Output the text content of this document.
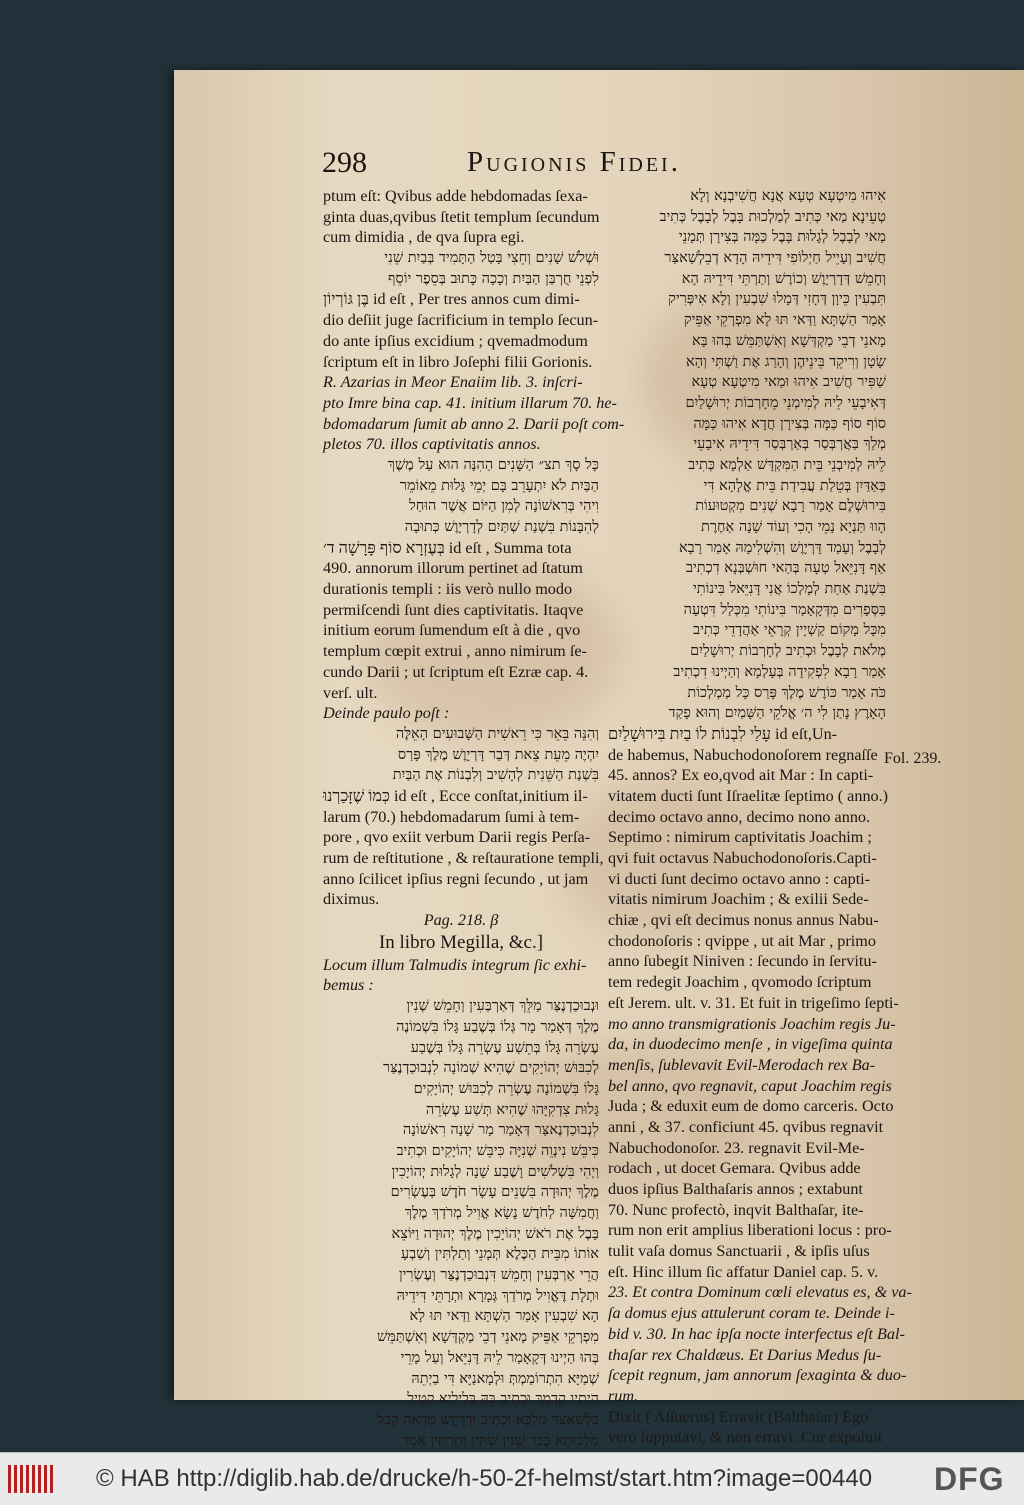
298	Pugionis Fidei.
ptum eſt: Qvibus adde hebdomadas ſexa-
ginta duas,qvibus ſtetit templum ſecundum
cum dimidia , de qva ſupra egi.
וּשְׁלֹשׁ שָׁנִים וְחֵצִי בָּטַל הַתָּמִיד בְּבַיִת שֵׁנִי
לִפְנֵי חֻרְבַּן הַבַּיִת וְכָכָה כָּתוּב בְּסֵפֶר יוֹסֵף
בֶּן גּוֹרְיוֹן id eſt , Per tres annos cum dimi-
dio deſiit juge ſacrificium in templo ſecun-
do ante ipſius excidium ; qvemadmodum
ſcriptum eſt in libro Joſephi filii Gorionis.
R. Azarias in Meor Enaiim lib. 3. inſcri-
pto Imre bina cap. 41. initium illarum 70. he-
bdomadarum ſumit ab anno 2. Darii poſt com-
pletos 70. illos captivitatis annos.
כָּל סָךְ תצ״ הַשָּׁנִים הַהִנָּה הוּא עַל מֶשֶׁךְ
הַבַּיִת לֹא יִתְעָרֵב בָּם יְמֵי גָּלוּת מֵאוֹמֵר
וִיהִי בְּרִאשׁוֹנָה לְמִן הַיּוֹם אֲשֶׁר הוּחַל
לְהִבָּנוֹת בִּשְׁנַת שְׁתַּיִם לְדָרְיָוֶשׁ כְּתוּבָה
בְּעֶזְרָא סוֹף פָּרָשָׁה ד׳ id eſt , Summa tota
490. annorum illorum pertinet ad ſtatum
durationis templi : iis verò nullo modo
permiſcendi ſunt dies captivitatis. Itaqve
initium eorum ſumendum eſt à die , qvo
templum cœpit extrui , anno nimirum ſe-
cundo Darii ; ut ſcriptum eſt Ezræ cap. 4.
verſ. ult.
Deinde paulo poſt :
וְהִנֵּה בֵּאֵר כִּי רֵאשִׁית הַשָּׁבוּעִים הָאֵלֶּה
יִהְיֶה מֵעֵת צֵאת דְּבַר דָּרְיָוֶשׁ מֶלֶךְ פָּרַס
בִּשְׁנַת הַשֵּׁנִית לְהָשִׁיב וְלִבְנוֹת אֶת הַבַּיִת
כְּמוֹ שֶׁזָּכַרְנוּ id eſt , Ecce conſtat,initium il-
larum (70.) hebdomadarum ſumi à tem-
pore , qvo exiit verbum Darii regis Perſa-
rum de reſtitutione , & reſtauratione templi,
anno ſcilicet ipſius regni ſecundo , ut jam
diximus.
Pag. 218. β
In libro Megilla, &c.]
Locum illum Talmudis integrum ſic exhi-
bemus :
וּנְבוּכַדְנֶצַּר מַלֵּךְ דְּאַרְבְּעִין וְחָמֵשׁ שְׁנִין
מֶלֶךְ דְּאָמַר מָר גְּלוֹ בְּשֶׁבַע גָּלוֹ בִּשְׁמוֹנֶה
עֶשְׂרֵה גָּלוֹ בְּתֵשַׁע עֶשְׂרֵה גָּלוֹ בְּשֶׁבַע
לְכִבּוּשׁ יְהוֹיָקִים שֶׁהִיא שְׁמוֹנָה לִנְבוּכַדְנֶצַּר
גָּלוֹ בִּשְׁמוֹנָה עֶשְׂרֵה לְכִבּוּשׁ יְהוֹיָקִים
גָּלוּת צִדְקִיָּהוּ שֶׁהִיא תְּשַׁע עֶשְׂרֵה
לִנְבוּכַדְנֶאצַּר דְּאָמַר מָר שָׁנָה רִאשׁוֹנָה
כִּיבֵּשׁ נִינְוֵה שְׁנִיָּה כִּיבֵּשׁ יְהוֹיָקִים וּכְתִיב
וַיְהִי בִּשְׁלֹשִׁים וָשֶׁבַע שָׁנָה לְגָלוּת יְהוֹיָכִין
מֶלֶךְ יְהוּדָה בִּשְׁנֵים עָשָׂר חֹדֶשׁ בְּעֶשְׂרִים
וַחֲמִשָּׁה לַחֹדֶשׁ נָשָׂא אֱוִיל מְרֹדַךְ מֶלֶךְ
בָּבֶל אֶת רֹאשׁ יְהוֹיָכִין מֶלֶךְ יְהוּדָה וַיּוֹצֵא
אוֹתוֹ מִבֵּית הַכֶּלֶא תְּמָנֵי וְתַלְתִּין וְשַׁבְעָ
הֲרֵי אַרְבְּעִין וְחָמֵשׁ דִּנְבוּכַדְנֶצַּר וְעֶשְׂרִין
וּתְלָת דֶּאֱוִיל מְרֹדַךְ גְּמָרָא וּתְרָתֵּי דִּידֵיהּ
הָא שִׁבְעִין אָמַר הַשְׁתָּא וַדַּאי תּוּ לָא
מִפְרְקֵי אַפֵּיק מָאנֵי דְבֵי מַקְדְּשָׁא וְאִשְׁתַּמֵּשׁ
בְּהוּ הַיְינוּ דְּקָאָמַר לֵיהּ דָּנִיֵּאל וְעַל מָרֵי
שְׁמַיָּא הִתְרוֹמַמְתְּ וּלְמָאנַיָּא דִּי בַיְתֵהּ
הַיְתִיו קָדָמָךְ וּכְתִיב בֵּהּ בְּלֵילְיָא קְטִיל
בֵּלְשַׁאצַּר מַלְכָּא וּכְתִיב וְדָרְיָוֶשׁ מָדָאָה קַבֵּל
מַלְכוּתָא כְּבַר שְׁנִין שִׁתִּין וְתַרְתֵּין אָמַר
אִיהוּ מִיטְעָא טְעָא אֲנָא חֲשִׁיבְנָא וְלָא
טְעֵינָא מַאי כְּתִיב לְמַלְכוּת בָּבֶל לְבָבֶל כְּתִיב
מַאי לְבָבֶל לְגָלוּת בָּבֶל כַּמָּה בְּצִירָן תְּמָנֵי
חֲשִׁיב וְעָיֵיל חַיְלוֹפִי דִּידֵיהּ הָדָא דְבֵלְשַׁאצַּר
וְחָמֵשׁ דְּדָרְיָוֶשׁ וְכוֹרֶשׁ וְתַרְתֵּי דִּידֵיהּ הָא
תִּבְעִין כֵּיוָן דְּחָזִי דְּמָלוּ שִׁבְעִין וְלָא אִיפְּרִיק
אָמַר הַשְׁתָּא וַדַּאי תּוּ לָא מִפְרְקֵי אַפֵּיק
מָאנֵי דְבֵי מַקְדְּשָׁא וְאִשְׁתַּמֵּשׁ בְּהוּ בָּא
שָׂטָן וְרִיקֵד בֵּינֵיהֶן וְהָרַג אֶת וַשְׁתִּי וְהָא
שַׁפִּיר חֲשִׁיב אִיהוּ וּמַאי מִיטְעָא טְעָא
דְּאִיבָעֵי לֵיהּ לְמִימְנֵי מֵחָרְבוֹת יְרוּשָׁלַיִם
סוֹף סוֹף כַּמָּה בְּצִירָן חֲדָא אִיהוּ כַּמָּה
מְלַךְ בַּאֲרְבְּסַר בְּאַרְבְּסַר דִּידֵיהּ אִיבָעֵי
לֵיהּ לְמִיבְנֵי בֵּית הַמִּקְדָּשׁ אַלְמָא כְּתִיב
בְּאַדַּיִן בְּטֵלַת עֲבִידַת בֵּית אֱלָהָא דִּי
בִּירוּשְׁלֶם אָמַר רָבָא שְׁנִים מִקְטוּעוֹת
הָווּ תַּנְיָא נָמֵי הָכִי וְעוֹד שָׁנָה אַחֶרֶת
לְבָבֶל וְעָמַד דָּרְיָוֶשׁ וְהִשְׁלִימָהּ אָמַר רָבָא
אַף דָּנִיֵּאל טְעָה בְּהַאי חוּשְׁבְּנָא דִכְתִיב
בִּשְׁנַת אַחַת לְמָלְכוֹ אֲנִי דָּנִיֵּאל בִּינוֹתִי
בַּסְּפָרִים מִדְּקָאָמַר בִּינוֹתִי מִכְּלַל דִּטְעָה
מִכָּל מָקוֹם קַשְׁיָין קְרָאֵי אַהֲדָדֵי כְּתִיב
מְלֹאת לְבָבֶל וּכְתִיב לְחָרְבוֹת יְרוּשָׁלַיִם
אָמַר רָבָא לִפְקִידָה בְּעָלְמָא וְהַיְינוּ דִכְתִיב
כֹּה אָמַר כּוֹרֶשׁ מֶלֶךְ פָּרַס כָּל מַמְלְכוֹת
הָאָרֶץ נָתַן לִי ה׳ אֱלֹקֵי הַשָּׁמַיִם וְהוּא פָקַד
עָלַי לִבְנוֹת לוֹ בַיִת בִּירוּשָׁלַיִם id eſt,Un-
de habemus, Nabuchodonoſorem regnaſſe
45. annos? Ex eo,qvod ait Mar : In capti-
vitatem ducti ſunt Iſraelitæ ſeptimo ( anno.)
decimo octavo anno, decimo nono anno.
Septimo : nimirum captivitatis Joachim ;
qvi fuit octavus Nabuchodonoſoris.Capti-
vi ducti ſunt decimo octavo anno : capti-
vitatis nimirum Joachim ; & exilii Sede-
chiæ , qvi eſt decimus nonus annus Nabu-
chodonoſoris : qvippe , ut ait Mar , primo
anno ſubegit Niniven : ſecundo in ſervitu-
tem redegit Joachim , qvomodo ſcriptum
eſt Jerem. ult. v. 31. Et fuit in trigeſimo ſepti-
mo anno transmigrationis Joachim regis Ju-
da, in duodecimo menſe , in vigeſima quinta
menſis, ſublevavit Evil-Merodach rex Ba-
bel anno, qvo regnavit, caput Joachim regis
Juda ; & eduxit eum de domo carceris. Octo
anni , & 37. conficiunt 45. qvibus regnavit
Nabuchodonoſor. 23. regnavit Evil-Me-
rodach , ut docet Gemara. Qvibus adde
duos ipſius Balthaſaris annos ; extabunt
70. Nunc profectò, inqvit Balthaſar, ite-
rum non erit amplius liberationi locus : pro-
tulit vaſa domus Sanctuarii , & ipſis uſus
eſt. Hinc illum ſic affatur Daniel cap. 5. v.
23. Et contra Dominum cœli elevatus es, & va-
ſa domus ejus attulerunt coram te. Deinde i-
bid v. 30. In hac ipſa nocte interfectus eſt Bal-
thaſar rex Chaldæus. Et Darius Medus ſu-
ſcepit regnum, jam annorum ſexaginta & duo-
rum.
Dixit ( Aſſuerus) Erravit (Balthaſar) Ego
verò ſupputavi, & non erravi. Cur expoſuit
Fol. 239.
© HAB http://diglib.hab.de/drucke/h-50-2f-helmst/start.htm?image=00440 DFG
